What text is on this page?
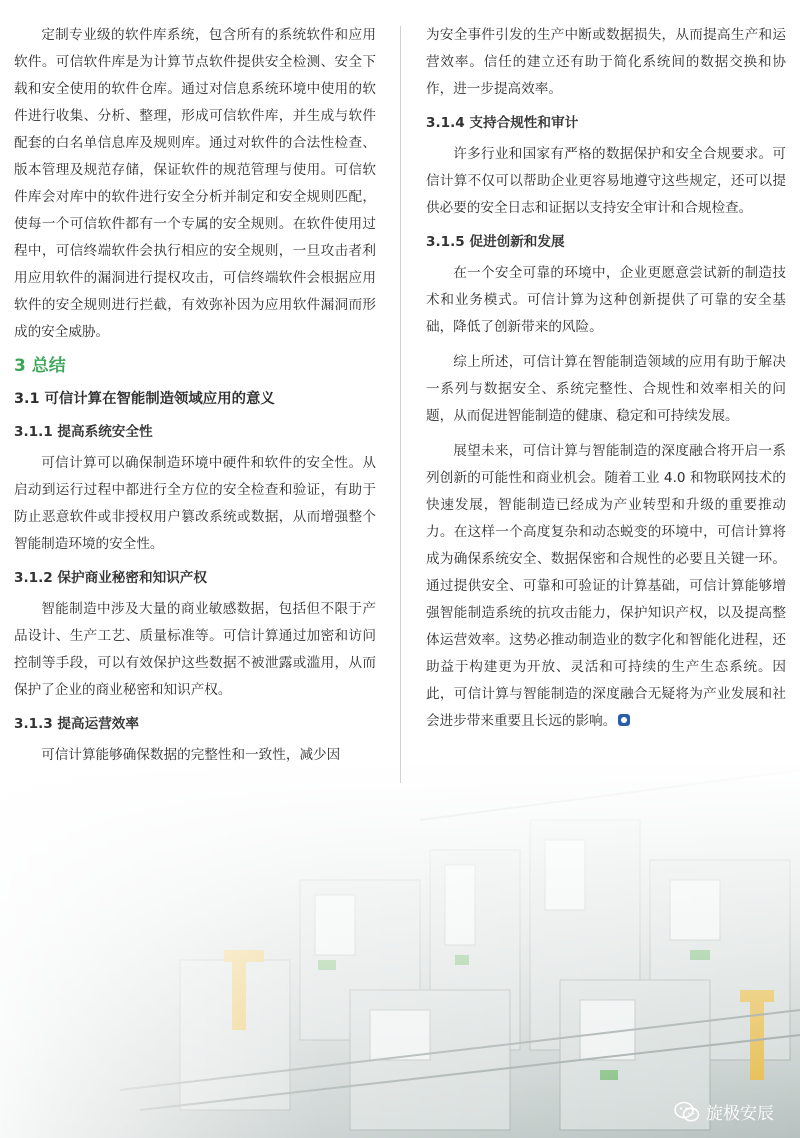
定制专业级的软件库系统，包含所有的系统软件和应用软件。可信软件库是为计算节点软件提供安全检测、安全下载和安全使用的软件仓库。通过对信息系统环境中使用的软件进行收集、分析、整理，形成可信软件库，并生成与软件配套的白名单信息库及规则库。通过对软件的合法性检查、版本管理及规范存储，保证软件的规范管理与使用。可信软件库会对库中的软件进行安全分析并制定和安全规则匹配，使每一个可信软件都有一个专属的安全规则。在软件使用过程中，可信终端软件会执行相应的安全规则，一旦攻击者利用应用软件的漏洞进行提权攻击，可信终端软件会根据应用软件的安全规则进行拦截，有效弥补因为应用软件漏洞而形成的安全威胁。

3 总结
3.1 可信计算在智能制造领域应用的意义
3.1.1 提高系统安全性

可信计算可以确保制造环境中硬件和软件的安全性。从启动到运行过程中都进行全方位的安全检查和验证，有助于防止恶意软件或非授权用户篡改系统或数据，从而增强整个智能制造环境的安全性。

3.1.2 保护商业秘密和知识产权

智能制造中涉及大量的商业敏感数据，包括但不限于产品设计、生产工艺、质量标准等。可信计算通过加密和访问控制等手段，可以有效保护这些数据不被泄露或滥用，从而保护了企业的商业秘密和知识产权。

3.1.3 提高运营效率

可信计算能够确保数据的完整性和一致性，减少因

为安全事件引发的生产中断或数据损失，从而提高生产和运营效率。信任的建立还有助于简化系统间的数据交换和协作，进一步提高效率。

3.1.4 支持合规性和审计

许多行业和国家有严格的数据保护和安全合规要求。可信计算不仅可以帮助企业更容易地遵守这些规定，还可以提供必要的安全日志和证据以支持安全审计和合规检查。

3.1.5 促进创新和发展

在一个安全可靠的环境中，企业更愿意尝试新的制造技术和业务模式。可信计算为这种创新提供了可靠的安全基础，降低了创新带来的风险。

综上所述，可信计算在智能制造领域的应用有助于解决一系列与数据安全、系统完整性、合规性和效率相关的问题，从而促进智能制造的健康、稳定和可持续发展。

展望未来，可信计算与智能制造的深度融合将开启一系列创新的可能性和商业机会。随着工业 4.0 和物联网技术的快速发展，智能制造已经成为产业转型和升级的重要推动力。在这样一个高度复杂和动态蜕变的环境中，可信计算将成为确保系统安全、数据保密和合规性的必要且关键一环。通过提供安全、可靠和可验证的计算基础，可信计算能够增强智能制造系统的抗攻击能力，保护知识产权，以及提高整体运营效率。这势必推动制造业的数字化和智能化进程，还助益于构建更为开放、灵活和可持续的生产生态系统。因此，可信计算与智能制造的深度融合无疑将为产业发展和社会进步带来重要且长远的影响。

旋极安辰
